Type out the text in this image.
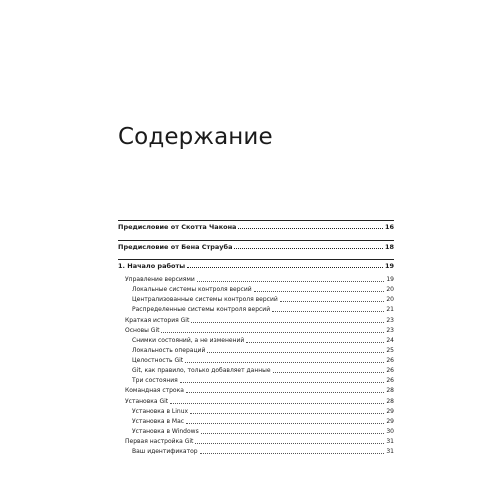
Содержание
Предисловие от Скотта Чакона	16
Предисловие от Бена Страуба	18
1. Начало работы	19
Управление версиями	19
Локальные системы контроля версий	20
Централизованные системы контроля версий	20
Распределенные системы контроля версий	21
Краткая история Git	23
Основы Git	23
Снимки состояний, а не изменений	24
Локальность операций	25
Целостность Git	26
Git, как правило, только добавляет данные	26
Три состояния	26
Командная строка	28
Установка Git	28
Установка в Linux	29
Установка в Mac	29
Установка в Windows	30
Первая настройка Git	31
Ваш идентификатор	31
